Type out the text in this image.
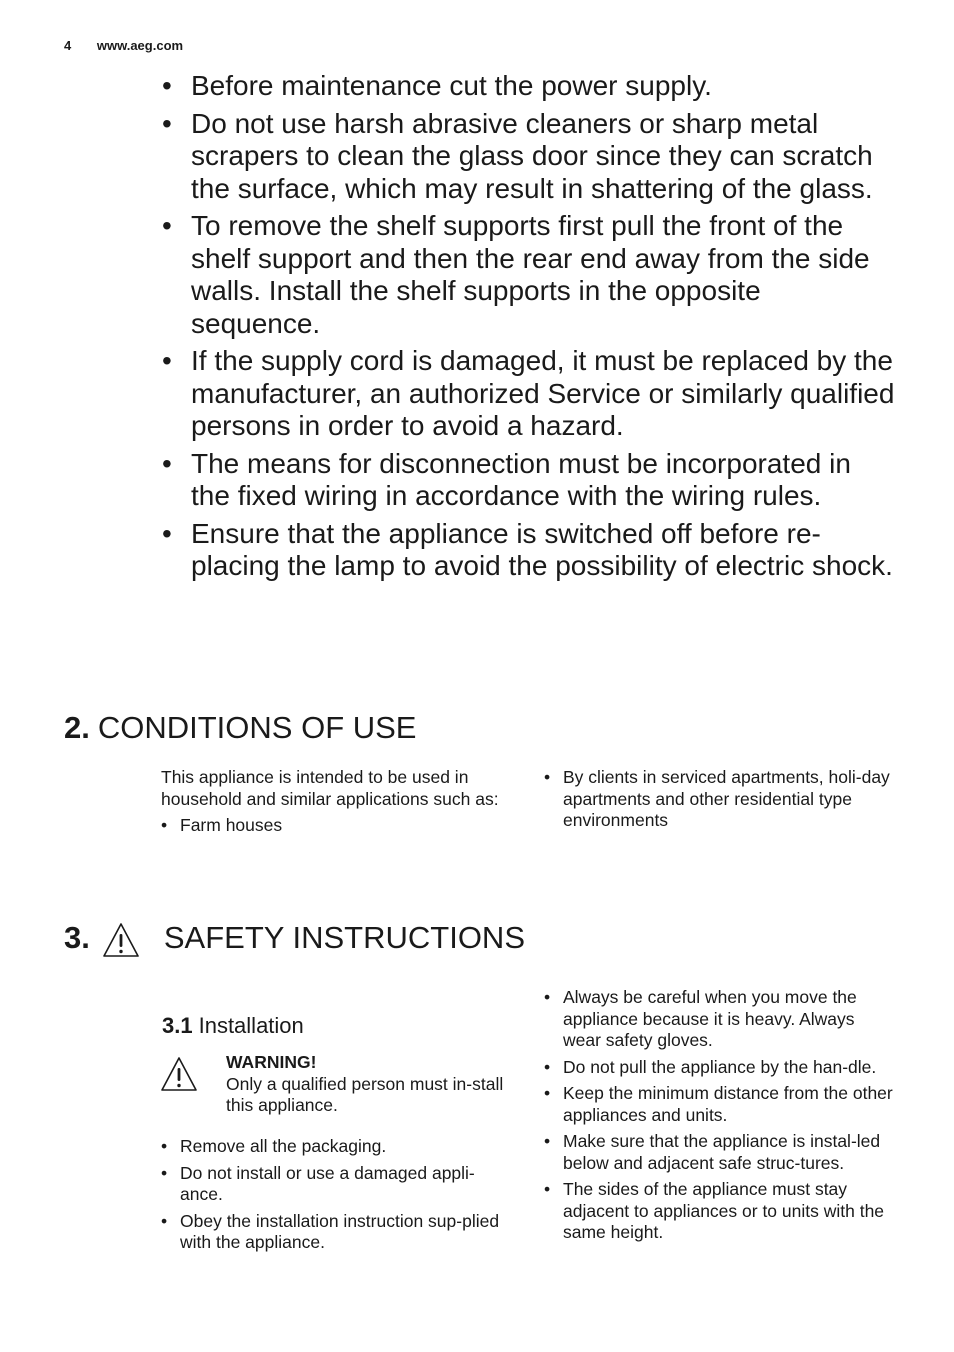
4 www.aeg.com
• Before maintenance cut the power supply.
• Do not use harsh abrasive cleaners or sharp metal scrapers to clean the glass door since they can scratch the surface, which may result in shattering of the glass.
• To remove the shelf supports first pull the front of the shelf support and then the rear end away from the side walls. Install the shelf supports in the opposite sequence.
• If the supply cord is damaged, it must be replaced by the manufacturer, an authorized Service or similarly qualified persons in order to avoid a hazard.
• The means for disconnection must be incorporated in the fixed wiring in accordance with the wiring rules.
• Ensure that the appliance is switched off before re-placing the lamp to avoid the possibility of electric shock.
2. CONDITIONS OF USE
This appliance is intended to be used in household and similar applications such as:
• Farm houses
• By clients in serviced apartments, holi-day apartments and other residential type environments
3. SAFETY INSTRUCTIONS
3.1 Installation
WARNING!
Only a qualified person must in-stall this appliance.
• Remove all the packaging.
• Do not install or use a damaged appli-ance.
• Obey the installation instruction sup-plied with the appliance.
• Always be careful when you move the appliance because it is heavy. Always wear safety gloves.
• Do not pull the appliance by the han-dle.
• Keep the minimum distance from the other appliances and units.
• Make sure that the appliance is instal-led below and adjacent safe struc-tures.
• The sides of the appliance must stay adjacent to appliances or to units with the same height.
